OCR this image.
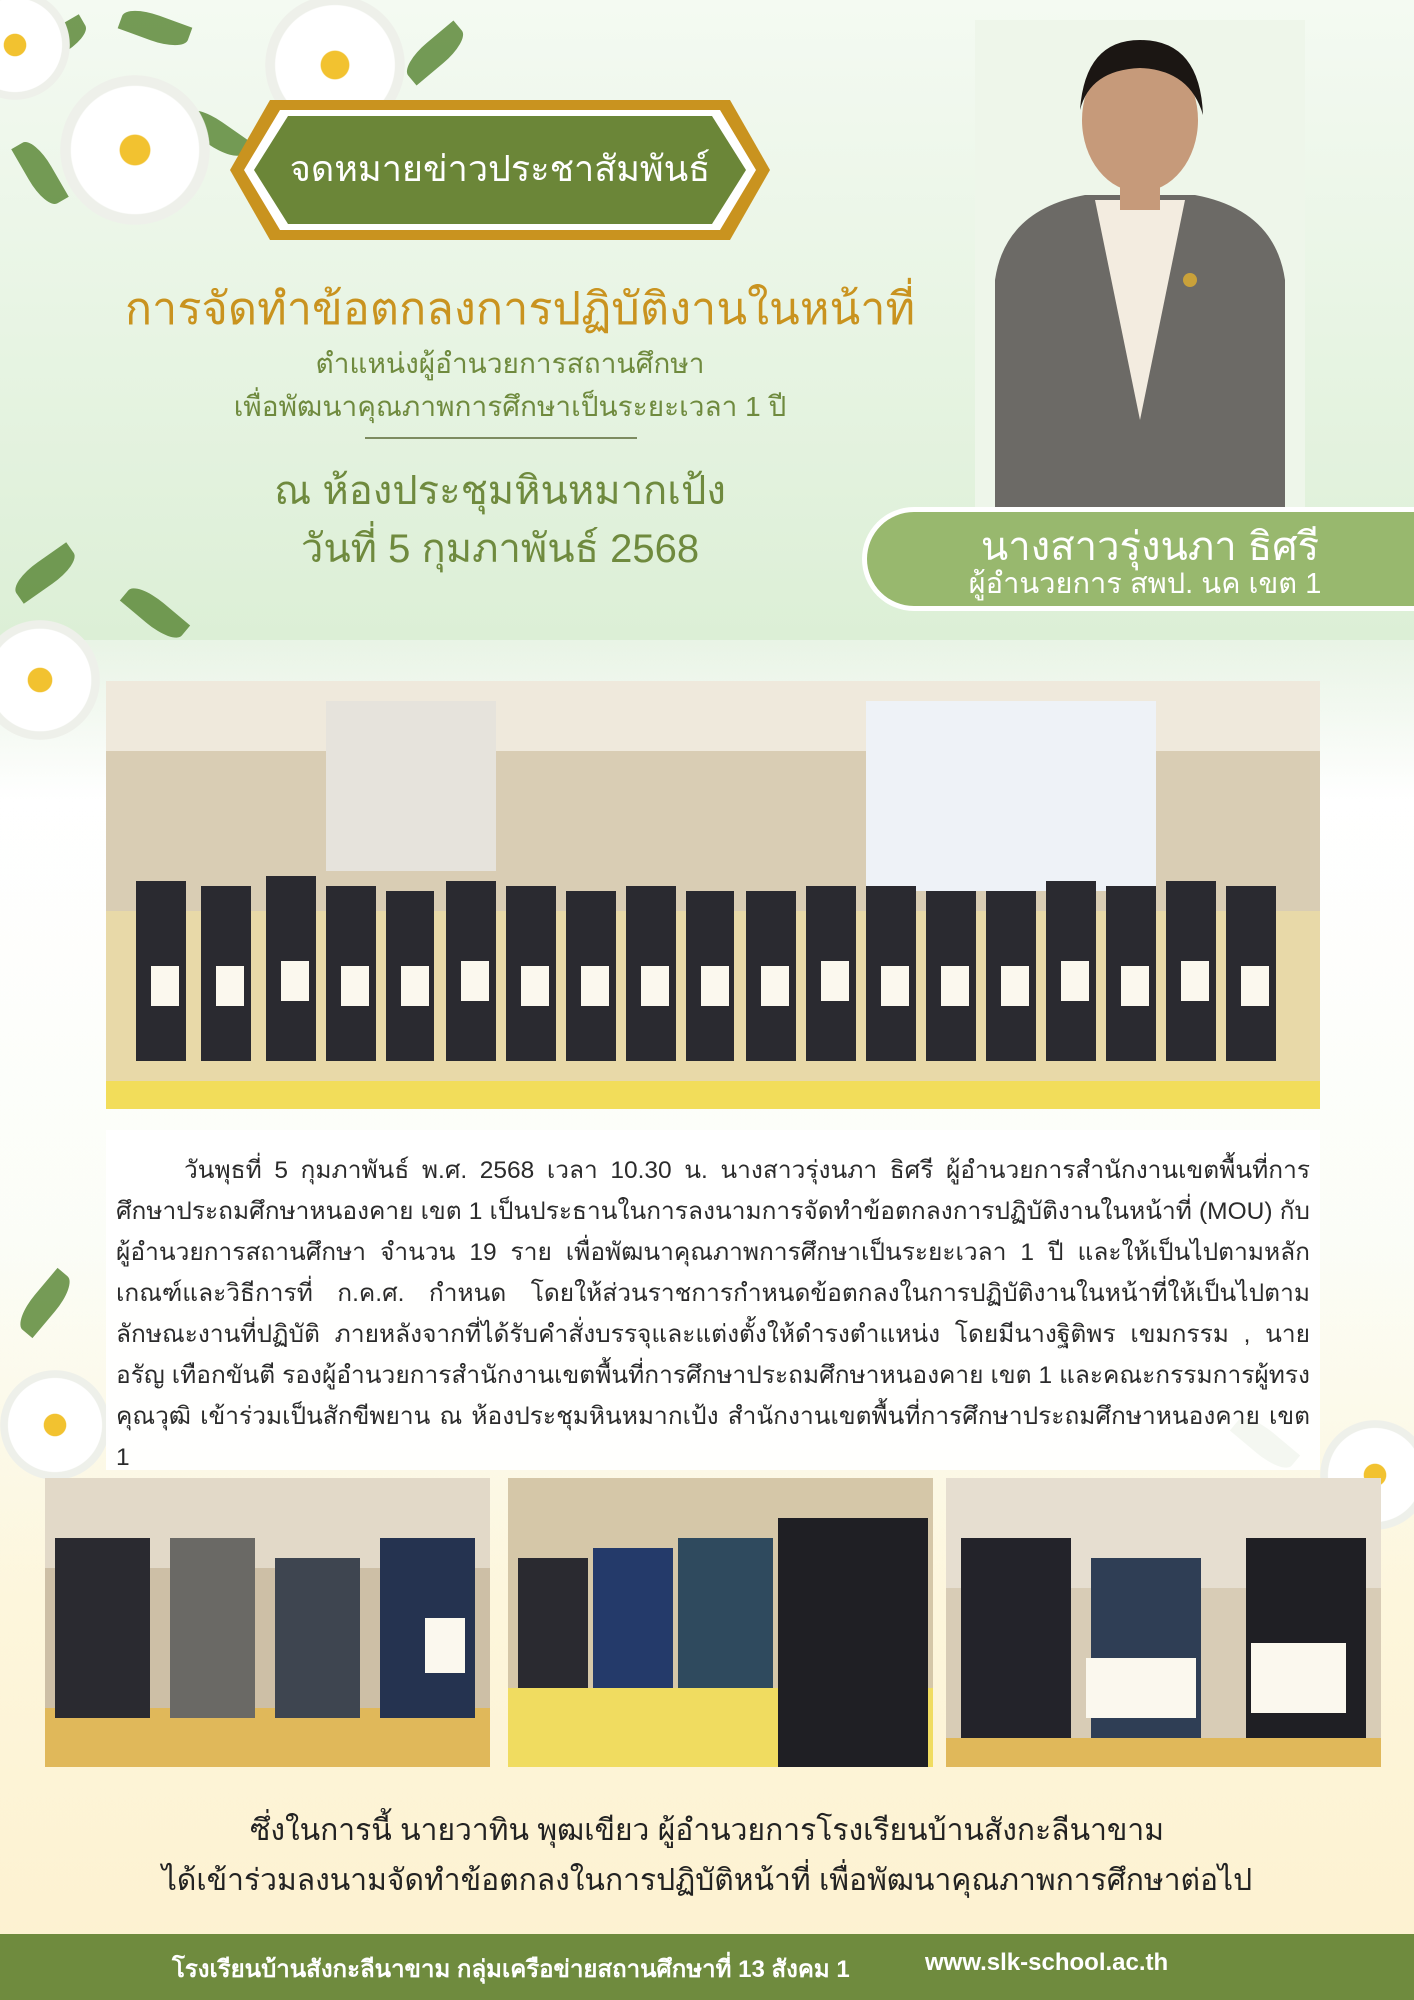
จดหมายข่าวประชาสัมพันธ์
การจัดทำข้อตกลงการปฏิบัติงานในหน้าที่
ตำแหน่งผู้อำนวยการสถานศึกษา
เพื่อพัฒนาคุณภาพการศึกษาเป็นระยะเวลา 1 ปี
ณ ห้องประชุมหินหมากเป้ง
วันที่ 5 กุมภาพันธ์ 2568	นางสาวรุ่งนภา ธิศรี
ผู้อำนวยการ สพป. นค เขต 1
วันพุธที่ 5 กุมภาพันธ์ พ.ศ. 2568 เวลา 10.30 น. นางสาวรุ่งนภา ธิศรี ผู้อำนวยการสำนักงานเขตพื้นที่การศึกษาประถมศึกษาหนองคาย เขต 1 เป็นประธานในการลงนามการจัดทำข้อตกลงการปฏิบัติงานในหน้าที่ (MOU) กับผู้อำนวยการสถานศึกษา จำนวน 19 ราย เพื่อพัฒนาคุณภาพการศึกษาเป็นระยะเวลา 1 ปี และให้เป็นไปตามหลักเกณฑ์และวิธีการที่ ก.ค.ศ. กำหนด โดยให้ส่วนราชการกำหนดข้อตกลงในการปฏิบัติงานในหน้าที่ให้เป็นไปตามลักษณะงานที่ปฏิบัติ ภายหลังจากที่ได้รับคำสั่งบรรจุและแต่งตั้งให้ดำรงตำแหน่ง โดยมีนางฐิติพร เขมกรรม , นายอรัญ เทือกขันตี รองผู้อำนวยการสำนักงานเขตพื้นที่การศึกษาประถมศึกษาหนองคาย เขต 1 และคณะกรรมการผู้ทรงคุณวุฒิ เข้าร่วมเป็นสักขีพยาน ณ ห้องประชุมหินหมากเป้ง สำนักงานเขตพื้นที่การศึกษาประถมศึกษาหนองคาย เขต 1
ซึ่งในการนี้ นายวาทิน พุฒเขียว ผู้อำนวยการโรงเรียนบ้านสังกะลีนาขาม
ได้เข้าร่วมลงนามจัดทำข้อตกลงในการปฏิบัติหน้าที่ เพื่อพัฒนาคุณภาพการศึกษาต่อไป
โรงเรียนบ้านสังกะลีนาขาม กลุ่มเครือข่ายสถานศึกษาที่ 13 สังคม 1	www.slk-school.ac.th
